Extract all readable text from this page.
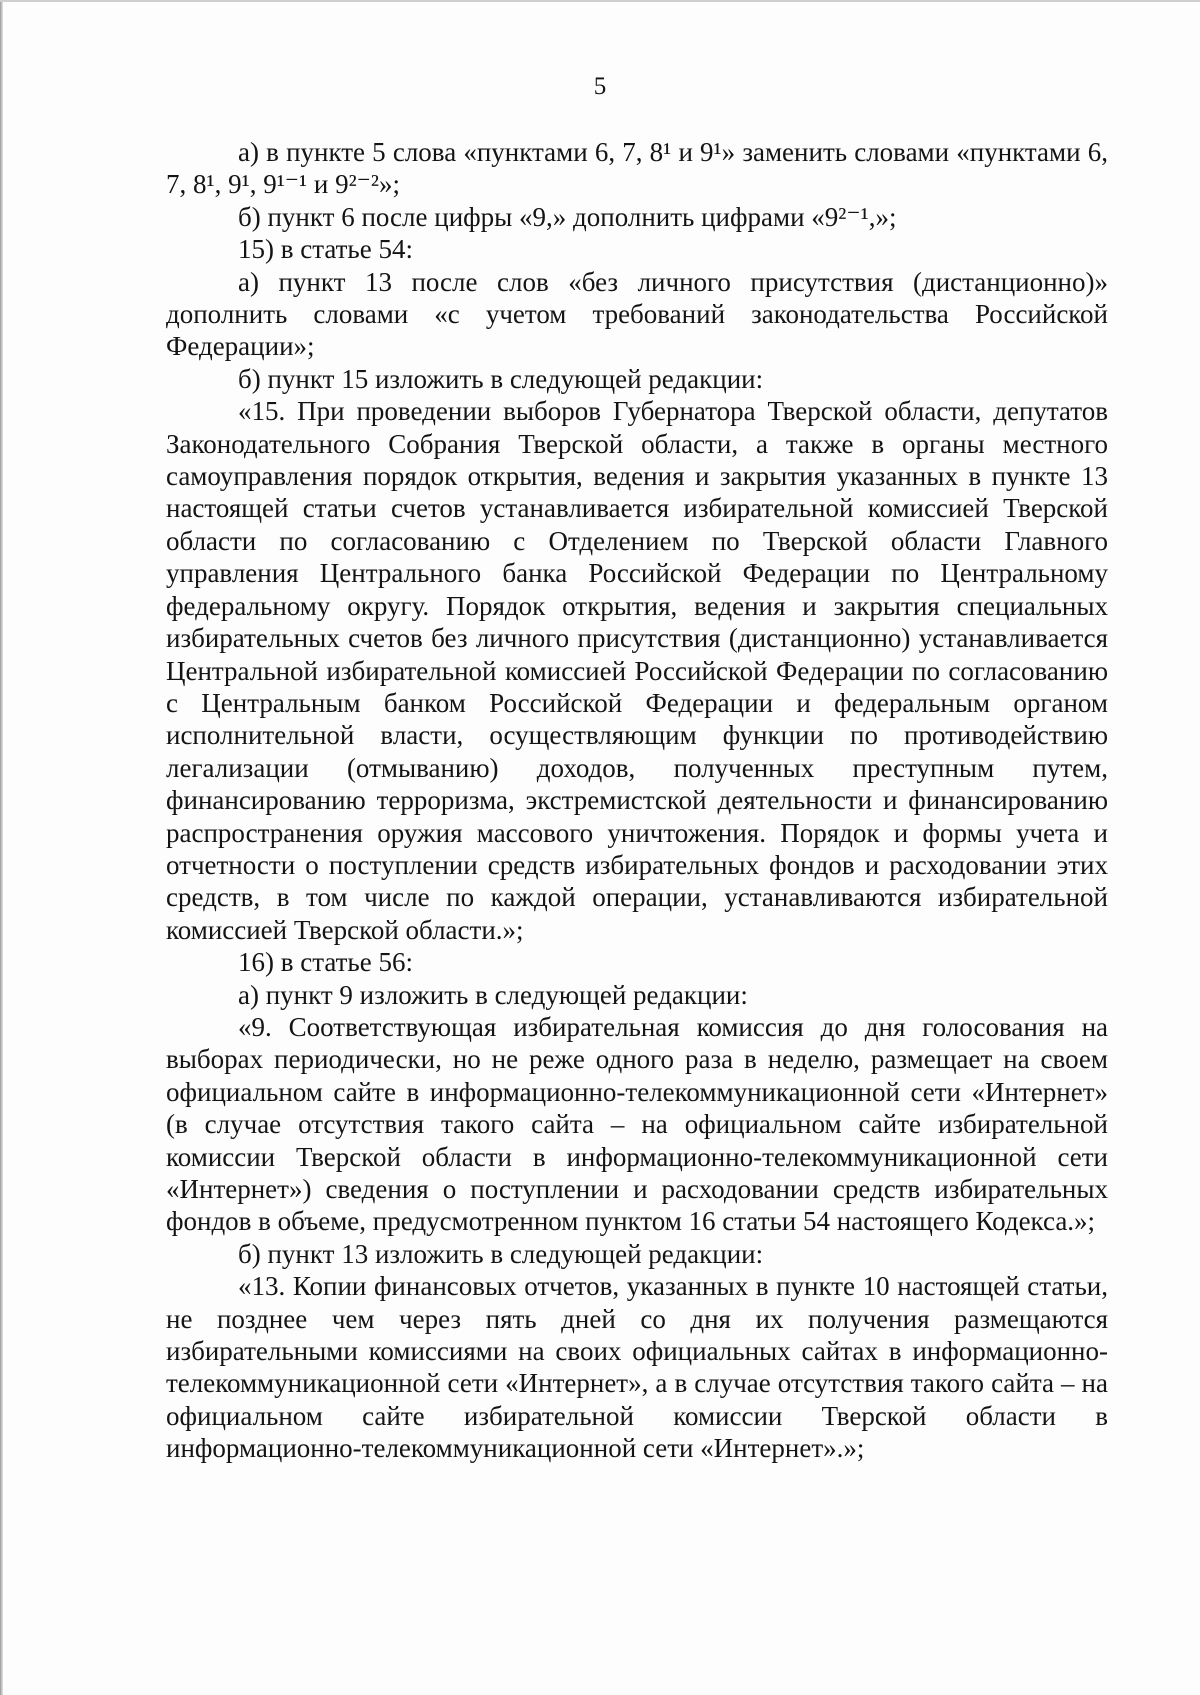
5

а) в пункте 5 слова «пунктами 6, 7, 8¹ и 9¹» заменить словами «пунктами 6, 7, 8¹, 9¹, 9¹⁻¹ и 9²⁻²»;

б) пункт 6 после цифры «9,» дополнить цифрами «9²⁻¹,»;

15) в статье 54:

а) пункт 13 после слов «без личного присутствия (дистанционно)» дополнить словами «с учетом требований законодательства Российской Федерации»;

б) пункт 15 изложить в следующей редакции:

«15. При проведении выборов Губернатора Тверской области, депутатов Законодательного Собрания Тверской области, а также в органы местного самоуправления порядок открытия, ведения и закрытия указанных в пункте 13 настоящей статьи счетов устанавливается избирательной комиссией Тверской области по согласованию с Отделением по Тверской области Главного управления Центрального банка Российской Федерации по Центральному федеральному округу. Порядок открытия, ведения и закрытия специальных избирательных счетов без личного присутствия (дистанционно) устанавливается Центральной избирательной комиссией Российской Федерации по согласованию с Центральным банком Российской Федерации и федеральным органом исполнительной власти, осуществляющим функции по противодействию легализации (отмыванию) доходов, полученных преступным путем, финансированию терроризма, экстремистской деятельности и финансированию распространения оружия массового уничтожения. Порядок и формы учета и отчетности о поступлении средств избирательных фондов и расходовании этих средств, в том числе по каждой операции, устанавливаются избирательной комиссией Тверской области.»;

16) в статье 56:

а) пункт 9 изложить в следующей редакции:

«9. Соответствующая избирательная комиссия до дня голосования на выборах периодически, но не реже одного раза в неделю, размещает на своем официальном сайте в информационно-телекоммуникационной сети «Интернет» (в случае отсутствия такого сайта – на официальном сайте избирательной комиссии Тверской области в информационно-телекоммуникационной сети «Интернет») сведения о поступлении и расходовании средств избирательных фондов в объеме, предусмотренном пунктом 16 статьи 54 настоящего Кодекса.»;

б) пункт 13 изложить в следующей редакции:

«13. Копии финансовых отчетов, указанных в пункте 10 настоящей статьи, не позднее чем через пять дней со дня их получения размещаются избирательными комиссиями на своих официальных сайтах в информационно-телекоммуникационной сети «Интернет», а в случае отсутствия такого сайта – на официальном сайте избирательной комиссии Тверской области в информационно-телекоммуникационной сети «Интернет».»;
